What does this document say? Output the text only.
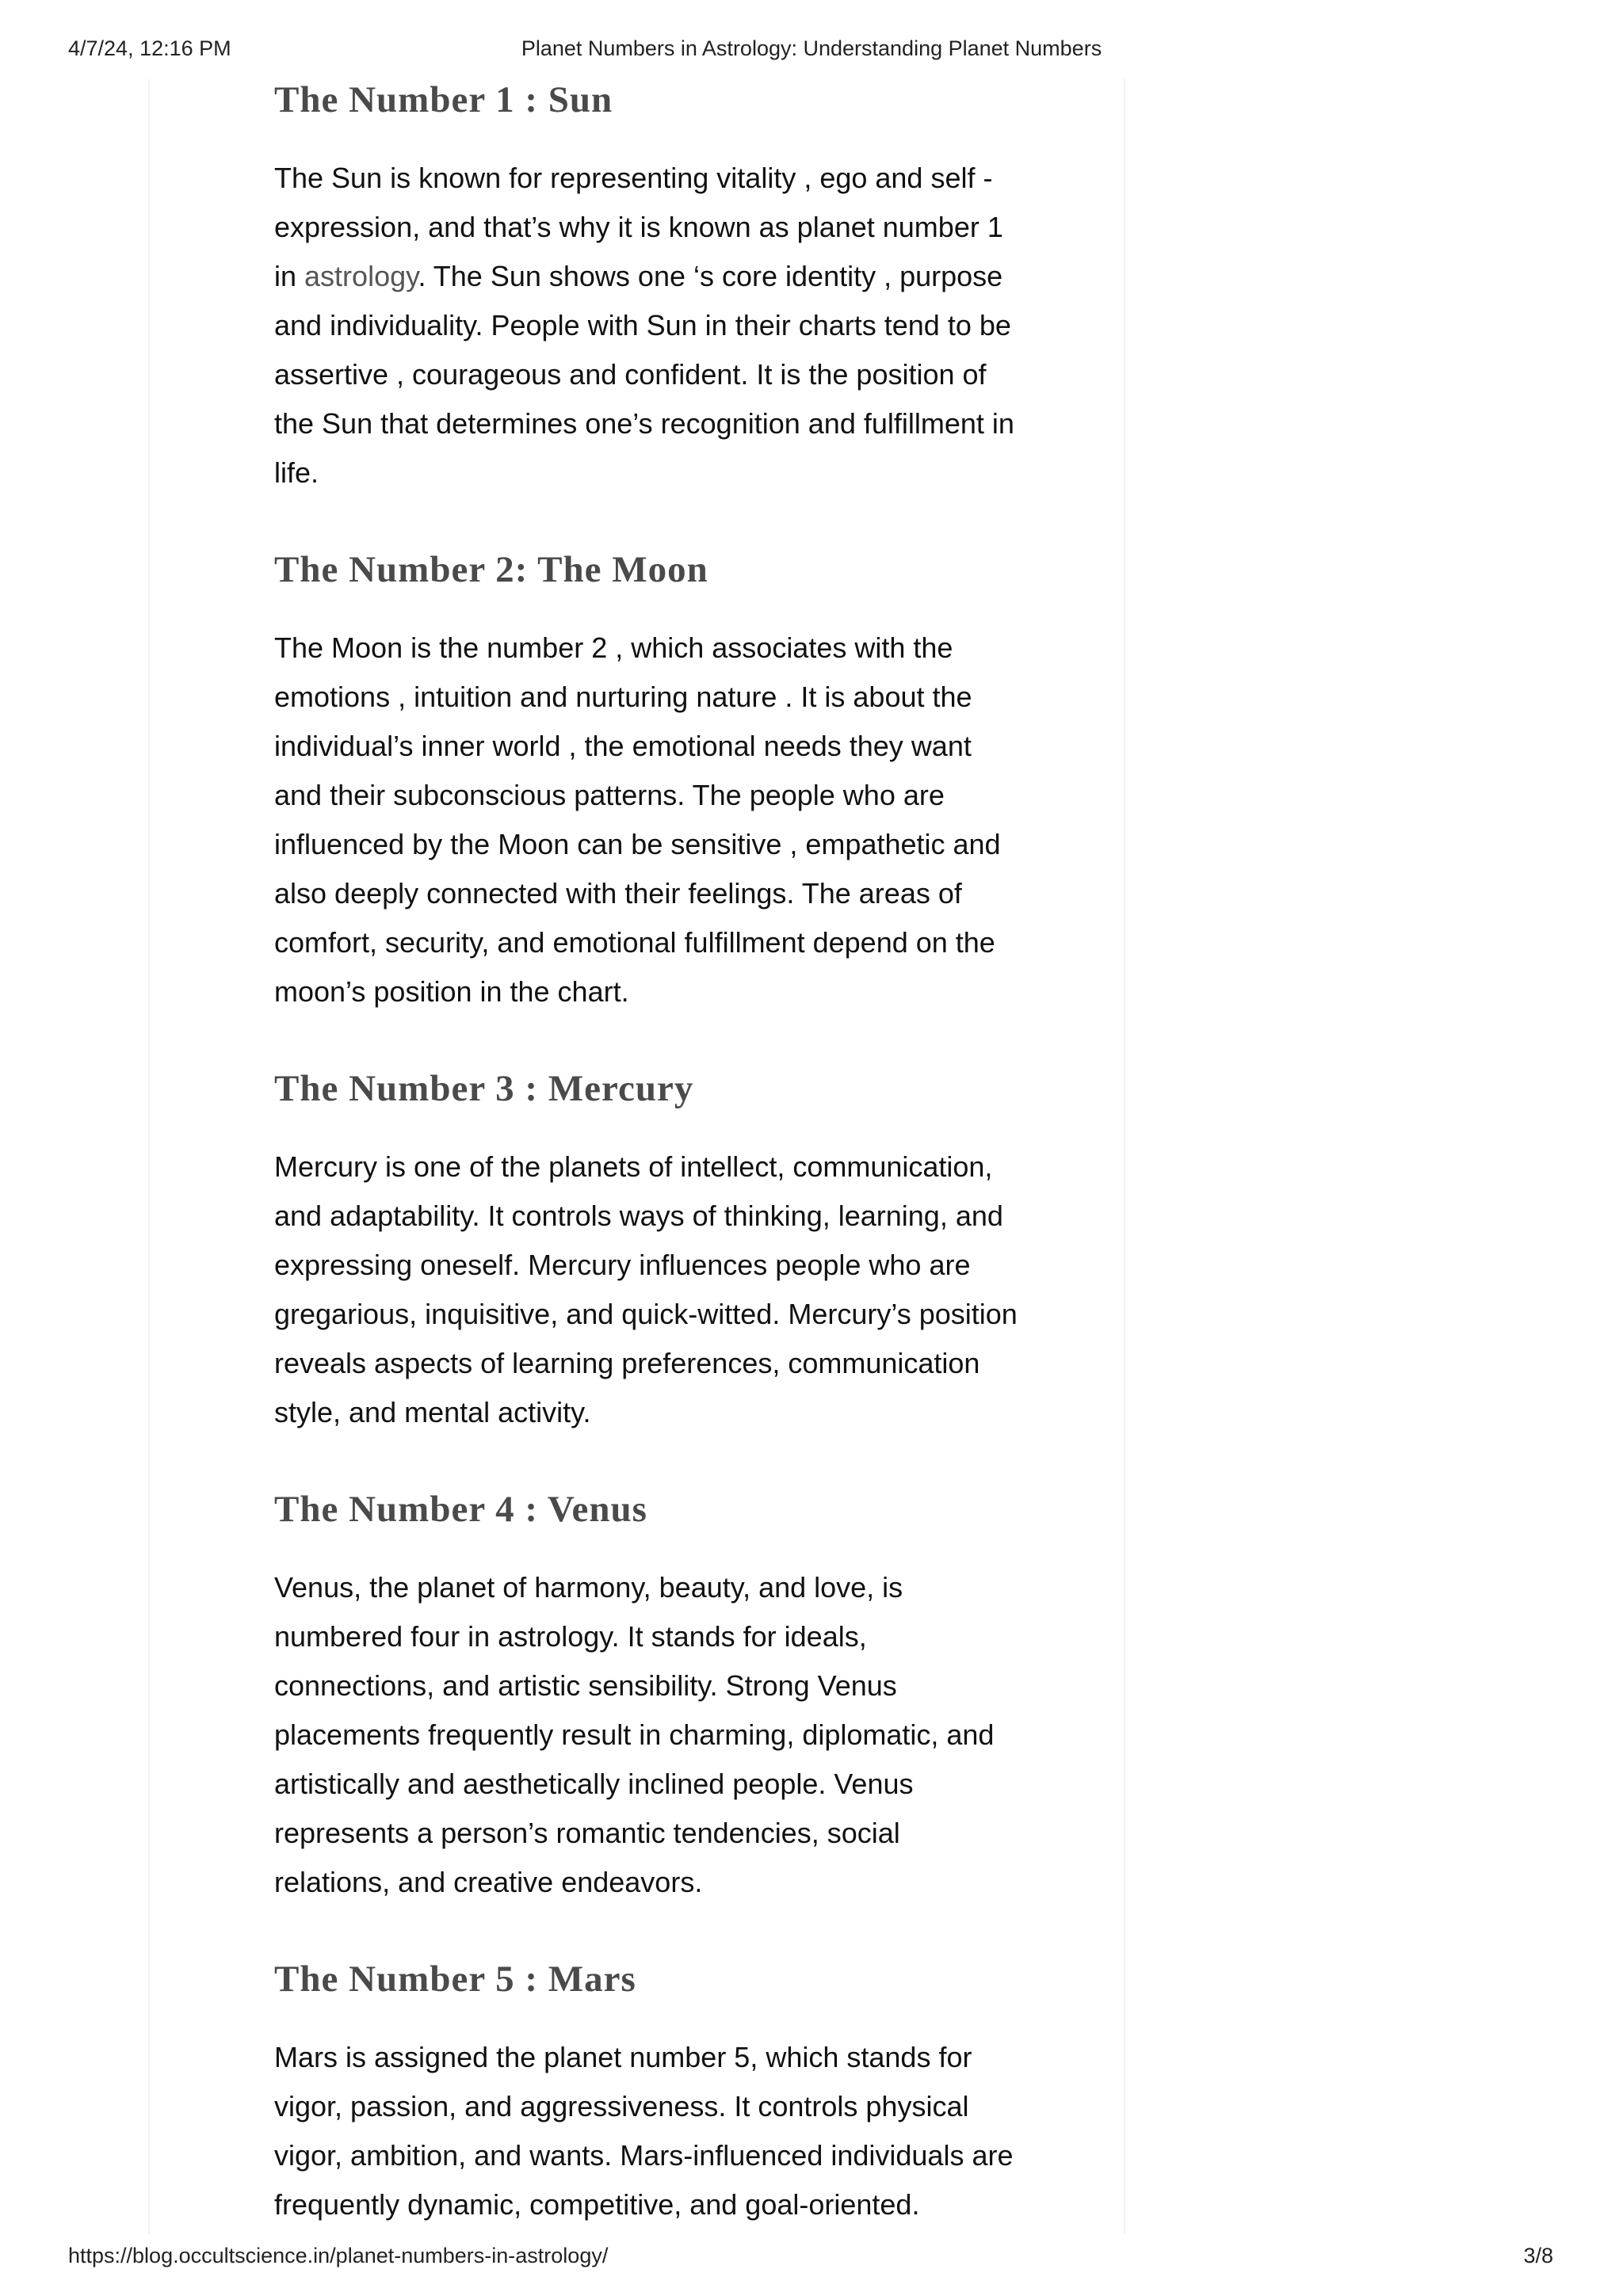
4/7/24, 12:16 PM	Planet Numbers in Astrology: Understanding Planet Numbers
The Number 1 : Sun

The Sun is known for representing vitality , ego and self - expression, and that’s why it is known as planet number 1 in astrology. The Sun shows one ‘s core identity , purpose and individuality. People with Sun in their charts tend to be assertive , courageous and confident. It is the position of the Sun that determines one’s recognition and fulfillment in life.

The Number 2: The Moon

The Moon is the number 2 , which associates with the emotions , intuition and nurturing nature . It is about the individual’s inner world , the emotional needs they want and their subconscious patterns. The people who are influenced by the Moon can be sensitive , empathetic and also deeply connected with their feelings. The areas of comfort, security, and emotional fulfillment depend on the moon’s position in the chart.

The Number 3 : Mercury

Mercury is one of the planets of intellect, communication, and adaptability. It controls ways of thinking, learning, and expressing oneself. Mercury influences people who are gregarious, inquisitive, and quick-witted. Mercury’s position reveals aspects of learning preferences, communication style, and mental activity.

The Number 4 : Venus

Venus, the planet of harmony, beauty, and love, is numbered four in astrology. It stands for ideals, connections, and artistic sensibility. Strong Venus placements frequently result in charming, diplomatic, and artistically and aesthetically inclined people. Venus represents a person’s romantic tendencies, social relations, and creative endeavors.

The Number 5 : Mars

Mars is assigned the planet number 5, which stands for vigor, passion, and aggressiveness. It controls physical vigor, ambition, and wants. Mars-influenced individuals are frequently dynamic, competitive, and goal-oriented.

https://blog.occultscience.in/planet-numbers-in-astrology/	3/8
